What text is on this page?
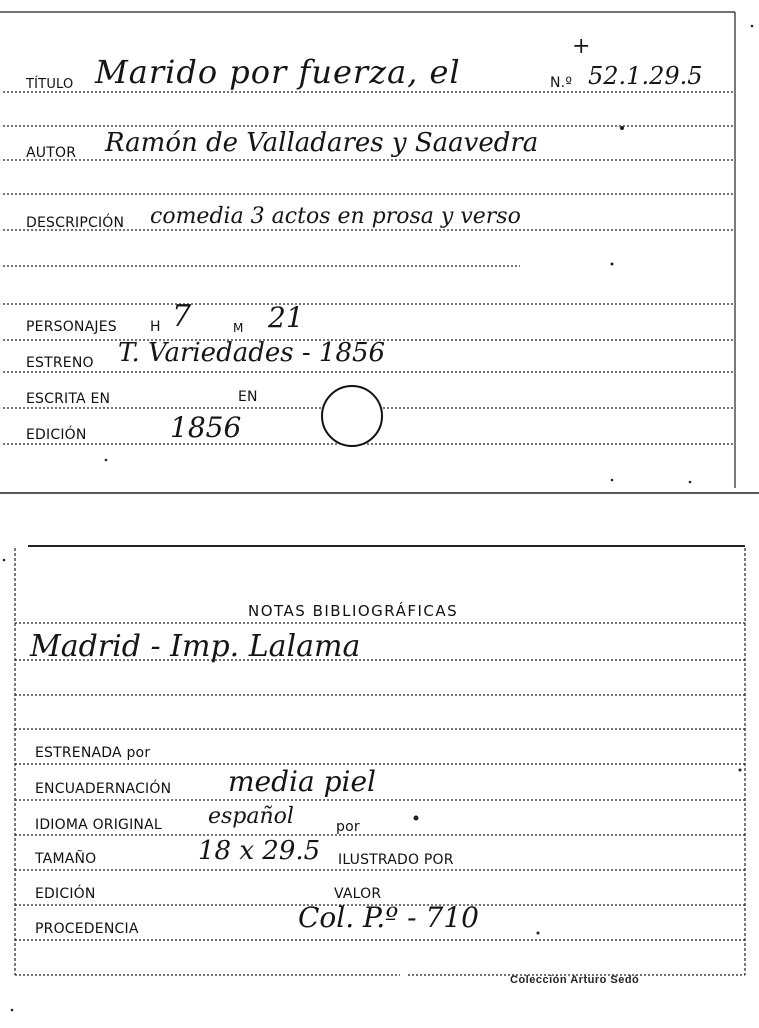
TÍTULO Marido por fuerza, el	N.º 52.1.29.5
+
AUTOR Ramón de Valladares y Saavedra
DESCRIPCIÓN comedia 3 actos en prosa y verso
PERSONAJES H 7	M 21
ESTRENO T. Variedades - 1856
ESCRITA EN	EN
EDICIÓN	1856
NOTAS BIBLIOGRÁFICAS
Madrid - Imp. Lalama
ESTRENADA por
ENCUADERNACIÓN media piel
IDIOMA ORIGINAL español	por
TAMAÑO	18 x 29.5 ILUSTRADO POR
EDICIÓN	VALOR
PROCEDENCIA	Col. P.º - 710
Colección Arturo Sedó
